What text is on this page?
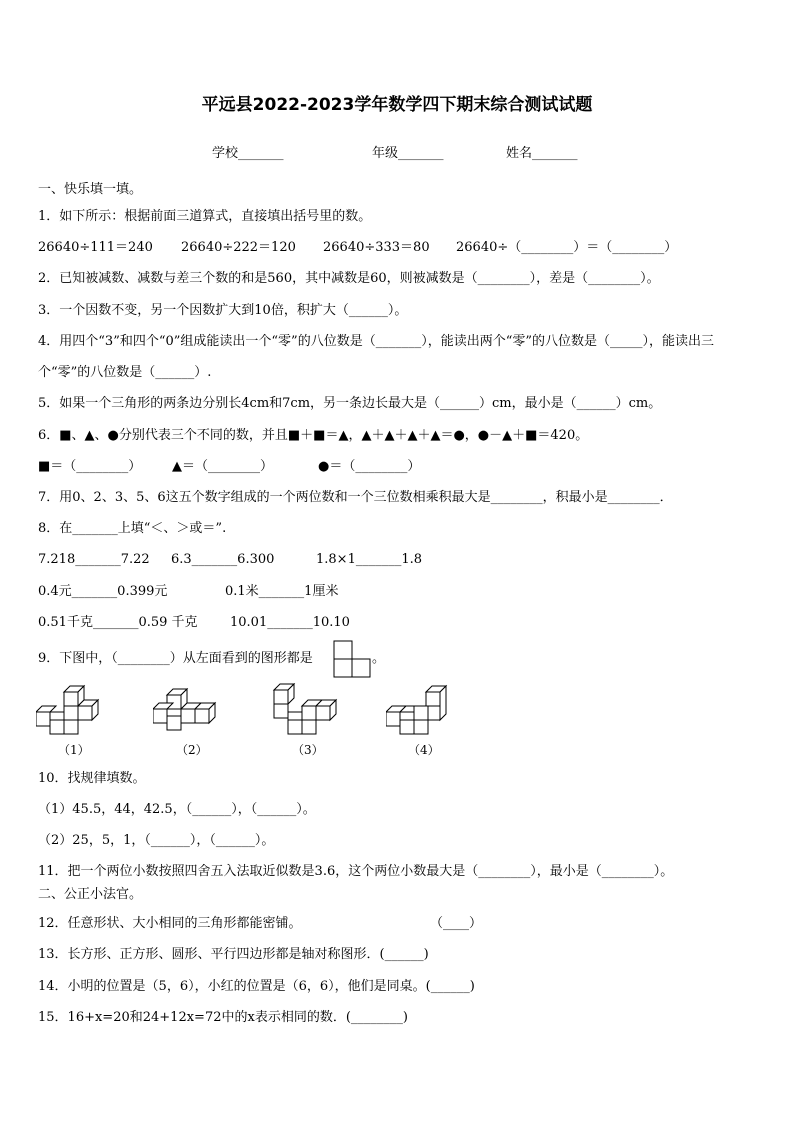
平远县2022-2023学年数学四下期末综合测试试题
学校_______	年级_______	姓名_______
一、快乐填一填。
1．如下所示：根据前面三道算式，直接填出括号里的数。
26640÷111＝240 26640÷222＝120 26640÷333＝80 26640÷（________）＝（________）
2．已知被减数、减数与差三个数的和是560，其中减数是60，则被减数是（________），差是（________）。
3．一个因数不变，另一个因数扩大到10倍，积扩大（______）。
4．用四个“3”和四个“0”组成能读出一个“零”的八位数是（_______），能读出两个“零”的八位数是（_____），能读出三
个“零”的八位数是（______）.
5．如果一个三角形的两条边分别长4cm和7cm，另一条边长最大是（______）cm，最小是（______）cm。
6．■、▲、●分别代表三个不同的数，并且■＋■＝▲，▲＋▲＋▲＋▲＝●，●－▲＋■＝420。
■＝（________） ▲＝（________）	●＝（________）
7．用0、2、3、5、6这五个数字组成的一个两位数和一个三位数相乘积最大是________，积最小是________．
8．在_______上填“＜、＞或＝”.
7.218_______7.22 6.3_______6.300	1.8×1_______1.8
0.4元_______0.399元	0.1米_______1厘米
0.51千克_______0.59 千克 10.01_______10.10
9．下图中，（________）从左面看到的图形都是	。
（1）	（2）	（3）	（4）
10．找规律填数。
（1）45.5，44，42.5，（______），（______）。
（2）25，5，1，（______），（______）。
11．把一个两位小数按照四舍五入法取近似数是3.6，这个两位小数最大是（________），最小是（________）。
二、公正小法官。
12．任意形状、大小相同的三角形都能密铺。	（____）
13．长方形、正方形、圆形、平行四边形都是轴对称图形．(______)
14．小明的位置是（5，6），小红的位置是（6，6），他们是同桌。(______)
15．16+x=20和24+12x=72中的x表示相同的数．(________)
